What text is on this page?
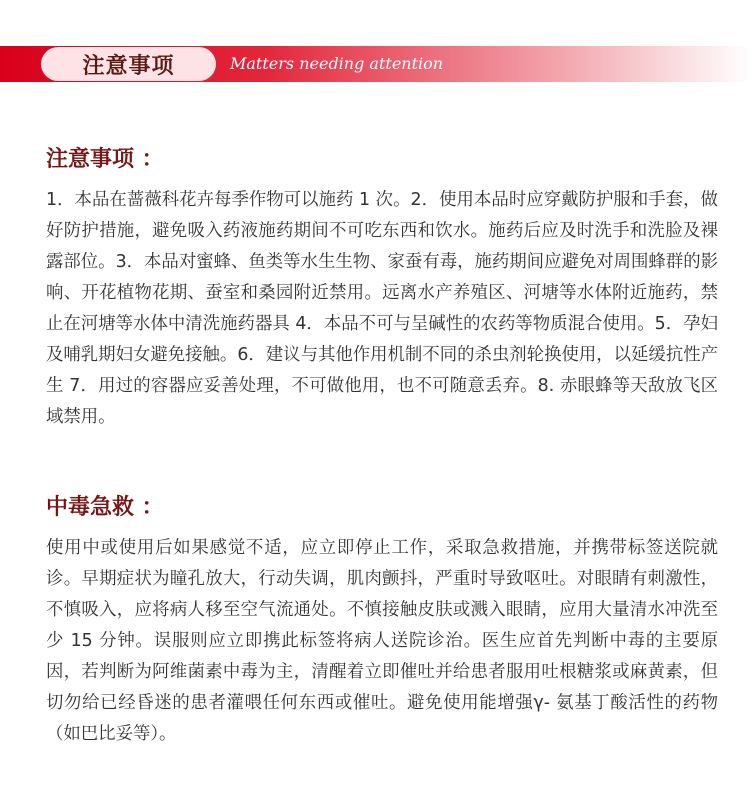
注意事项	Matters needing attention
注意事项 ：
1．本品在蔷薇科花卉每季作物可以施药 1 次。2．使用本品时应穿戴防护服和手套，做好防护措施，避免吸入药液施药期间不可吃东西和饮水。施药后应及时洗手和洗脸及裸露部位。3．本品对蜜蜂、鱼类等水生生物、家蚕有毒，施药期间应避免对周围蜂群的影响、开花植物花期、蚕室和桑园附近禁用。远离水产养殖区、河塘等水体附近施药，禁止在河塘等水体中清洗施药器具 4．本品不可与呈碱性的农药等物质混合使用。5．孕妇及哺乳期妇女避免接触。6．建议与其他作用机制不同的杀虫剂轮换使用，以延缓抗性产生 7．用过的容器应妥善处理，不可做他用，也不可随意丢弃。8. 赤眼蜂等天敌放飞区域禁用。
中毒急救 ：
使用中或使用后如果感觉不适，应立即停止工作，采取急救措施，并携带标签送院就诊。早期症状为瞳孔放大，行动失调，肌肉颤抖，严重时导致呕吐。对眼睛有刺激性，不慎吸入，应将病人移至空气流通处。不慎接触皮肤或溅入眼睛，应用大量清水冲洗至少 15 分钟。误服则应立即携此标签将病人送院诊治。医生应首先判断中毒的主要原因，若判断为阿维菌素中毒为主，清醒着立即催吐并给患者服用吐根糖浆或麻黄素，但切勿给已经昏迷的患者灌喂任何东西或催吐。避免使用能增强γ- 氨基丁酸活性的药物（如巴比妥等）。
